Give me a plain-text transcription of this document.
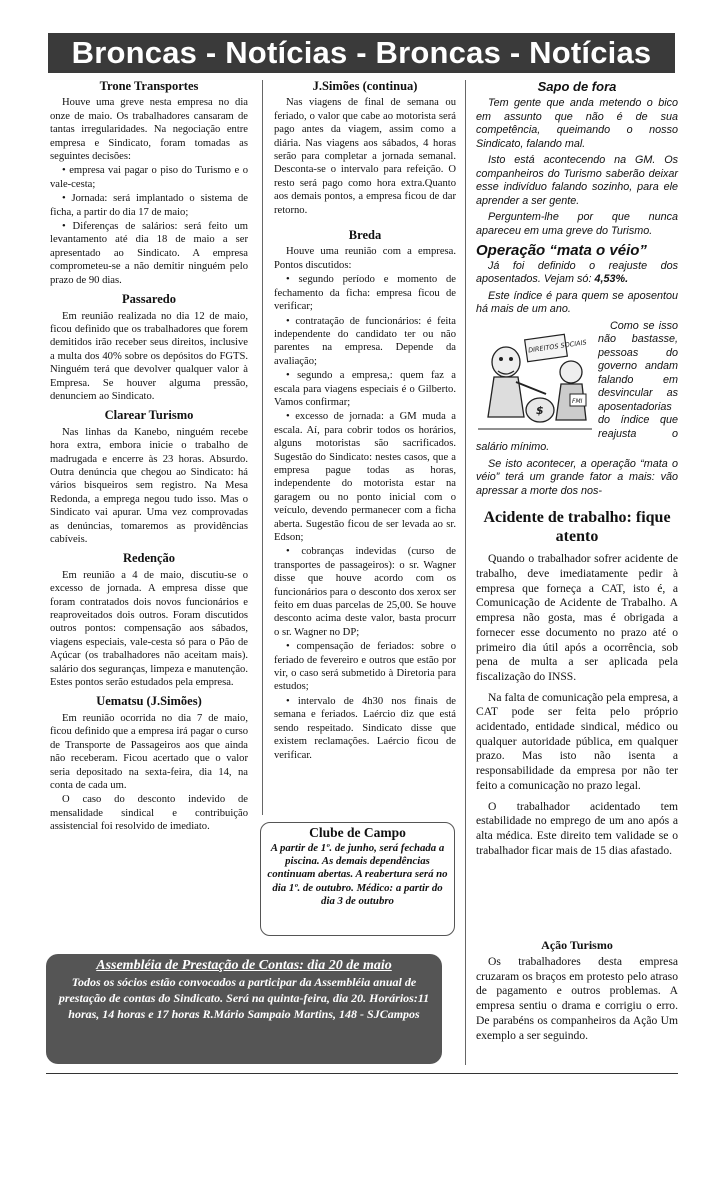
Broncas - Notícias - Broncas - Notícias
Trone Transportes

Houve uma greve nesta empresa no dia onze de maio. Os trabalhadores cansaram de tantas irregularidades. Na negociação entre empresa e Sindicato, foram tomadas as seguintes decisões:

• empresa vai pagar o piso do Turismo e o vale-cesta;

• Jornada: será implantado o sistema de ficha, a partir do dia 17 de maio;

• Diferenças de salários: será feito um levantamento até dia 18 de maio a ser apresentado ao Sindicato. A empresa comprometeu-se a não demitir ninguém pelo prazo de 90 dias.

Passaredo

Em reunião realizada no dia 12 de maio, ficou definido que os trabalhadores que forem demitidos irão receber seus direitos, inclusive a multa dos 40% sobre os depósitos do FGTS. Ninguém terá que devolver qualquer valor à Empresa. Se houver alguma pressão, denunciem ao Sindicato.

Clarear Turismo

Nas linhas da Kanebo, ninguém recebe hora extra, embora inicie o trabalho de madrugada e encerre às 23 horas. Absurdo. Outra denúncia que chegou ao Sindicato: há vários bisqueiros sem registro. Na Mesa Redonda, a emprega negou tudo isso. Mas o Sindicato vai apurar. Uma vez comprovadas as denúncias, tomaremos as providências cabíveis.

Redenção

Em reunião a 4 de maio, discutiu-se o excesso de jornada. A empresa disse que foram contratados dois novos funcionários e reaproveitados dois outros. Foram discutidos outros pontos: compensação aos sábados, viagens especiais, vale-cesta só para o Pão de Açúcar (os trabalhadores não aceitam mais). salário dos seguranças, limpeza e manutenção. Estes pontos serão estudados pela empresa.

Uematsu (J.Simões)

Em reunião ocorrida no dia 7 de maio, ficou definido que a empresa irá pagar o curso de Transporte de Passageiros aos que ainda não receberam. Ficou acertado que o valor seria depositado na sexta-feira, dia 14, na conta de cada um.

O caso do desconto indevido de mensalidade sindical e contribuição assistencial foi resolvido de imediato.

J.Simões (continua)

Nas viagens de final de semana ou feriado, o valor que cabe ao motorista será pago antes da viagem, assim como a diária. Nas viagens aos sábados, 4 horas serão para completar a jornada semanal. Desconta-se o intervalo para refeição. O resto será pago como hora extra.Quanto aos demais pontos, a empresa ficou de dar retorno.

Breda

Houve uma reunião com a empresa. Pontos discutidos:

• segundo período e momento de fechamento da ficha: empresa ficou de verificar;

• contratação de funcionários: é feita independente do candidato ter ou não parentes na empresa. Depende da avaliação;

• segundo a empresa,: quem faz a escala para viagens especiais é o Gilberto. Vamos confirmar;

• excesso de jornada: a GM muda a escala. Aí, para cobrir todos os horários, alguns motoristas são sacrificados. Sugestão do Sindicato: nestes casos, que a empresa pague todas as horas, independente do motorista estar na garagem ou no ponto inicial com o veículo, devendo permanecer com a ficha aberta. Sugestão ficou de ser levada ao sr. Edson;

• cobranças indevidas (curso de transportes de passageiros): o sr. Wagner disse que houve acordo com os funcionários para o desconto dos xerox ser feito em duas parcelas de 25,00. Se houve desconto acima deste valor, basta procurr o sr. Wagner no DP;

• compensação de feriados: sobre o feriado de fevereiro e outros que estão por vir, o caso será submetido à Diretoria para estudos;

• intervalo de 4h30 nos finais de semana e feriados. Laércio diz que está sendo respeitado. Sindicato disse que existem reclamações. Laércio ficou de verificar.

Clube de Campo
A partir de 1º. de junho, será fechada a piscina. As demais dependências continuam abertas. A reabertura será no dia 1º. de outubro. Médico: a partir do dia 3 de outubro
Assembléia de Prestação de Contas: dia 20 de maio
Todos os sócios estão convocados a participar da Assembléia anual de prestação de contas do Sindicato. Será na quinta-feira, dia 20. Horários:11 horas, 14 horas e 17 horas R.Mário Sampaio Martins, 148 - SJCampos
Sapo de fora

Tem gente que anda metendo o bico em assunto que não é de sua competência, queimando o nosso Sindicato, falando mal.

Isto está acontecendo na GM. Os companheiros do Turismo saberão deixar esse indivíduo falando sozinho, para ele aprender a ser gente.

Perguntem-lhe por que nunca apareceu em uma greve do Turismo.

Operação “mata o véio”

Já foi definido o reajuste dos aposentados. Vejam só: 4,53%.

Este índice é para quem se aposentou há mais de um ano.

DIREITOS SOCIAIS
$
FMI

Como se isso não bastasse, pessoas do governo andam falando em desvincular as aposentadorias do índice que reajusta o salário mínimo.

Se isto acontecer, a operação “mata o véio” terá um grande fator a mais: vão apressar a morte dos nos-

Acidente de trabalho: fique atento

Quando o trabalhador sofrer acidente de trabalho, deve imediatamente pedir à empresa que forneça a CAT, isto é, a Comunicação de Acidente de Trabalho. A empresa não gosta, mas é obrigada a fornecer esse documento no prazo até o primeiro dia útil após a ocorrência, sob pena de multa a ser aplicada pela fiscalização do INSS.

Na falta de comunicação pela empresa, a CAT pode ser feita pelo próprio acidentado, entidade sindical, médico ou qualquer autoridade pública, em qualquer prazo. Mas isto não isenta a responsabilidade da empresa por não ter feito a comunicação no prazo legal.

O trabalhador acidentado tem estabilidade no emprego de um ano após a alta médica. Este direito tem validade se o trabalhador ficar mais de 15 dias afastado.

Ação Turismo

Os trabalhadores desta empresa cruzaram os braços em protesto pelo atraso de pagamento e outros problemas. A empresa sentiu o drama e corrigiu o erro. De parabéns os companheiros da Ação Um exemplo a ser seguindo.
